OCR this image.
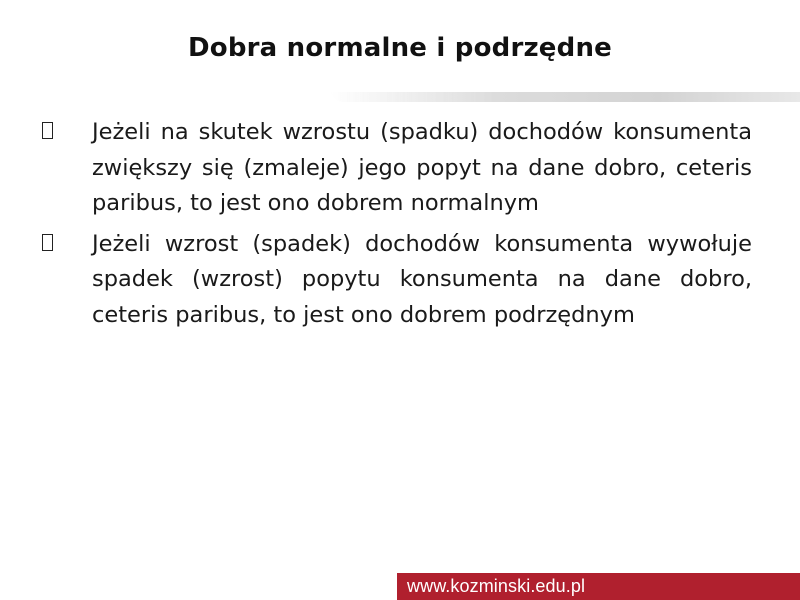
Dobra normalne i podrzędne
Jeżeli na skutek wzrostu (spadku) dochodów konsumenta zwiększy się (zmaleje) jego popyt na dane dobro, ceteris paribus, to jest ono dobrem normalnym
Jeżeli wzrost (spadek) dochodów konsumenta wywołuje spadek (wzrost) popytu konsumenta na dane dobro, ceteris paribus, to jest ono dobrem podrzędnym
www.kozminski.edu.pl
